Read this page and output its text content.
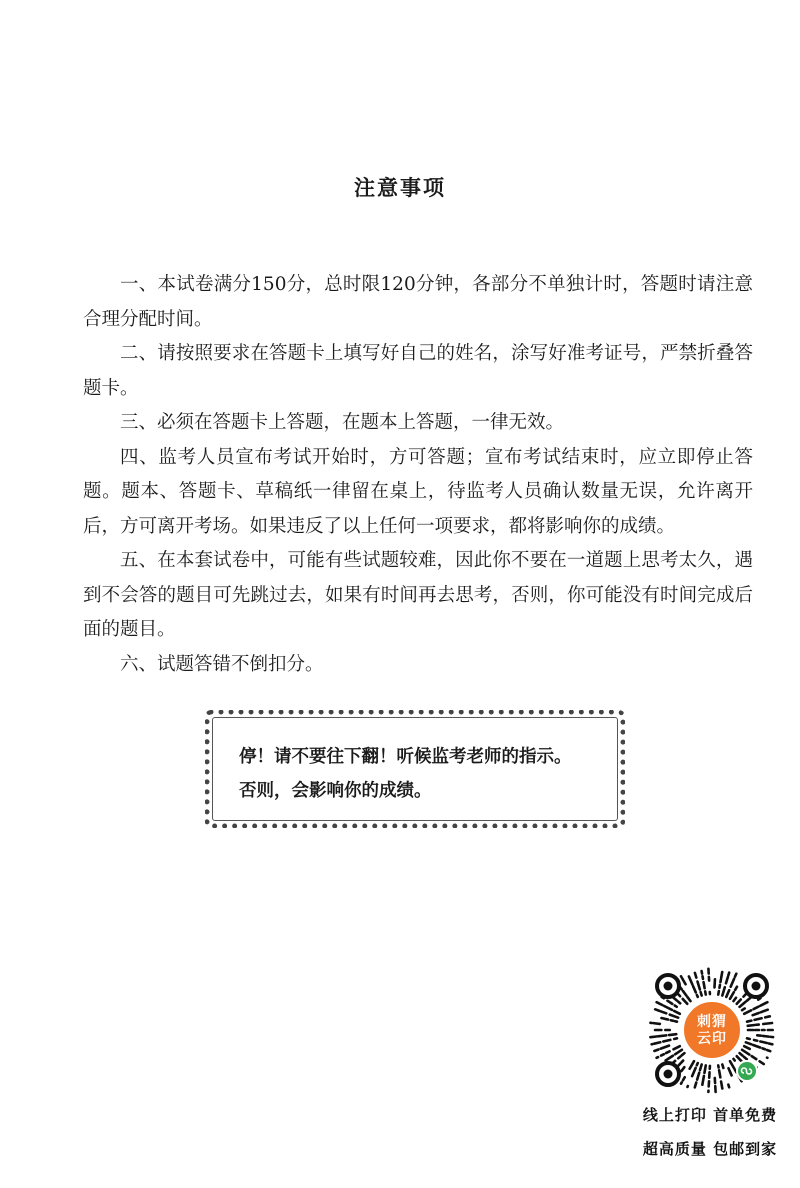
注意事项

一、本试卷满分150分，总时限120分钟，各部分不单独计时，答题时请注意合理分配时间。

二、请按照要求在答题卡上填写好自己的姓名，涂写好准考证号，严禁折叠答题卡。

三、必须在答题卡上答题，在题本上答题，一律无效。

四、监考人员宣布考试开始时，方可答题；宣布考试结束时，应立即停止答题。题本、答题卡、草稿纸一律留在桌上，待监考人员确认数量无误，允许离开后，方可离开考场。如果违反了以上任何一项要求，都将影响你的成绩。

五、在本套试卷中，可能有些试题较难，因此你不要在一道题上思考太久，遇到不会答的题目可先跳过去，如果有时间再去思考，否则，你可能没有时间完成后面的题目。

六、试题答错不倒扣分。

停！请不要往下翻！听候监考老师的指示。
否则，会影响你的成绩。
刺猬
云印
线上打印 首单免费
超高质量 包邮到家
